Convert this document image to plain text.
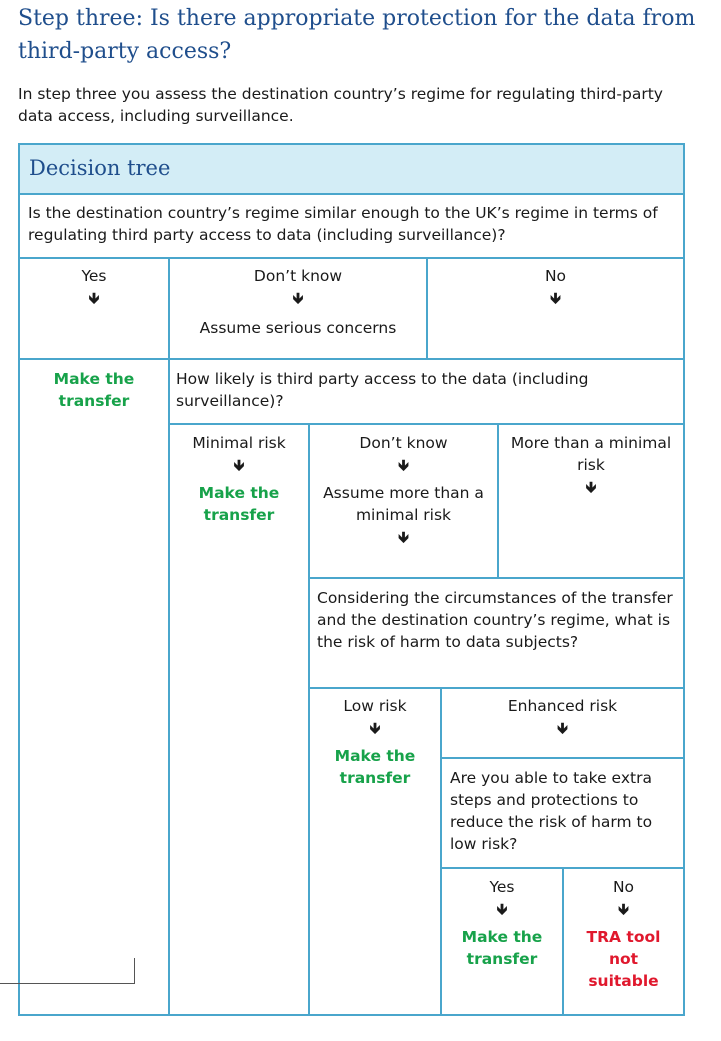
Step three: Is there appropriate protection for the data from third-party access?

In step three you assess the destination country’s regime for regulating third-party data access, including surveillance.

Decision tree
Is the destination country’s regime similar enough to the UK’s regime in terms of regulating third party access to data (including surveillance)?
Yes
🡻
Don’t know
🡻
Assume serious concerns
No
🡻
Make the transfer
How likely is third party access to the data (including surveillance)?
Minimal risk
🡻
Make the transfer
Don’t know
🡻
Assume more than a minimal risk
🡻
More than a minimal risk
🡻
Considering the circumstances of the transfer and the destination country’s regime, what is the risk of harm to data subjects?
Low risk
🡻
Make the transfer
Enhanced risk
🡻
Are you able to take extra steps and protections to reduce the risk of harm to low risk?
Yes
🡻
Make the transfer
No
🡻
TRA tool not suitable
